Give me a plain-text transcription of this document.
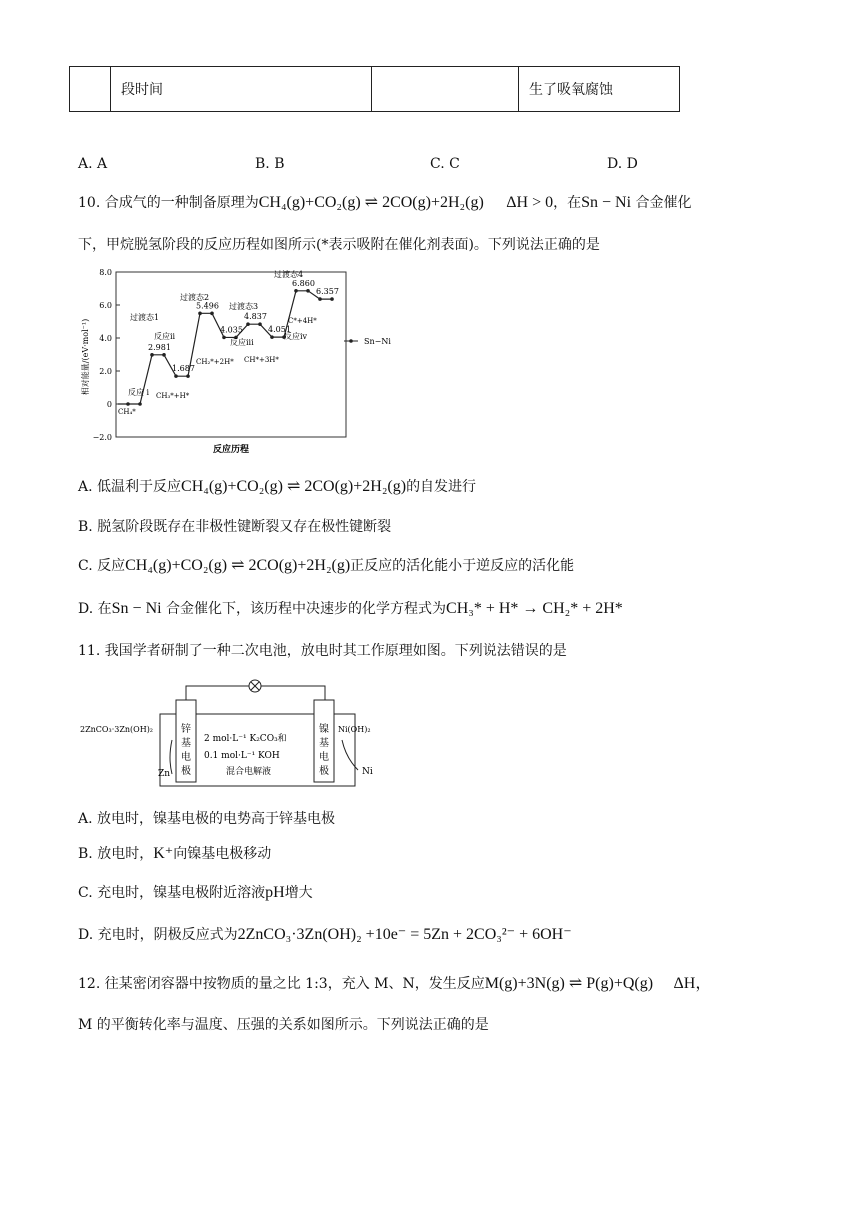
	段时间		生了吸氧腐蚀
A. A	B. B	C. C	D. D
10. 合成气的一种制备原理为CH₄(g)+CO₂(g) ⇌ 2CO(g)+2H₂(g) ΔH > 0，在Sn − Ni 合金催化
下，甲烷脱氢阶段的反应历程如图所示(*表示吸附在催化剂表面)。下列说法正确的是
8.0
6.0
4.0
2.0
0
−2.0
相对能量/(eV·mol⁻¹)
反应历程
2.981
1.687
5.496
4.035
4.837
4.051
6.860
6.357
过渡态1
过渡态2
过渡态3
过渡态4
反应 i
反应ii
反应iii
反应iv
CH₄*
CH₃*+H*
CH₂*+2H* CH*+3H*
C*+4H*
Sn−Ni
A. 低温利于反应CH₄(g)+CO₂(g) ⇌ 2CO(g)+2H₂(g)的自发进行
B. 脱氢阶段既存在非极性键断裂又存在极性键断裂
C. 反应CH₄(g)+CO₂(g) ⇌ 2CO(g)+2H₂(g)正反应的活化能小于逆反应的活化能
D. 在Sn − Ni 合金催化下，该历程中决速步的化学方程式为CH₃* + H* → CH₂* + 2H*
11. 我国学者研制了一种二次电池，放电时其工作原理如图。下列说法错误的是
锌
基
电
极
镍
基
电
极
2 mol·L⁻¹ K₂CO₃和
0.1 mol·L⁻¹ KOH
混合电解液
2ZnCO₃·3Zn(OH)₂
Zn
Ni(OH)₂
Ni
A. 放电时，镍基电极的电势高于锌基电极
B. 放电时，K⁺向镍基电极移动
C. 充电时，镍基电极附近溶液pH增大
D. 充电时，阴极反应式为2ZnCO₃·3Zn(OH)₂ +10e⁻ = 5Zn + 2CO₃²⁻ + 6OH⁻
12. 往某密闭容器中按物质的量之比 1:3，充入 M、N，发生反应M(g)+3N(g) ⇌ P(g)+Q(g) ΔH，
M 的平衡转化率与温度、压强的关系如图所示。下列说法正确的是
